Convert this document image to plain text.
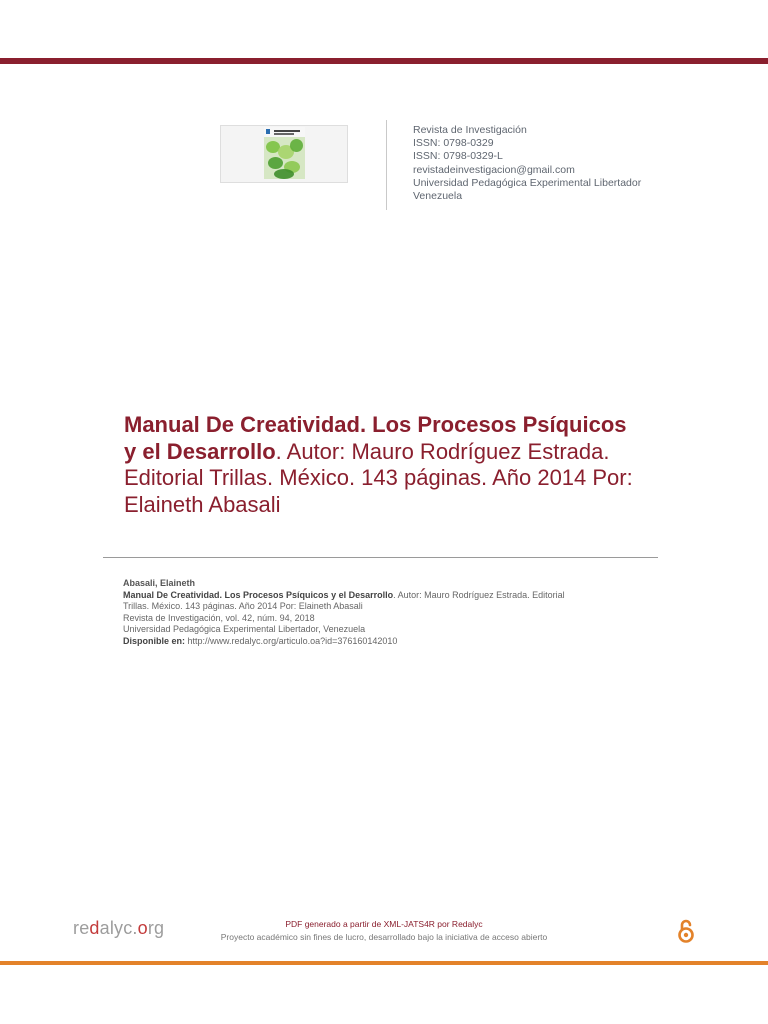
Revista de Investigación
ISSN: 0798-0329
ISSN: 0798-0329-L
revistadeinvestigacion@gmail.com
Universidad Pedagógica Experimental Libertador
Venezuela
Manual De Creatividad. Los Procesos Psíquicos y el Desarrollo. Autor: Mauro Rodríguez Estrada. Editorial Trillas. México. 143 páginas. Año 2014 Por: Elaineth Abasali
Abasali, Elaineth
Manual De Creatividad. Los Procesos Psíquicos y el Desarrollo. Autor: Mauro Rodríguez Estrada. Editorial
Trillas. México. 143 páginas. Año 2014 Por: Elaineth Abasali
Revista de Investigación, vol. 42, núm. 94, 2018
Universidad Pedagógica Experimental Libertador, Venezuela
Disponible en: http://www.redalyc.org/articulo.oa?id=376160142010
redalyc.org	PDF generado a partir de XML-JATS4R por Redalyc
Proyecto académico sin fines de lucro, desarrollado bajo la iniciativa de acceso abierto
